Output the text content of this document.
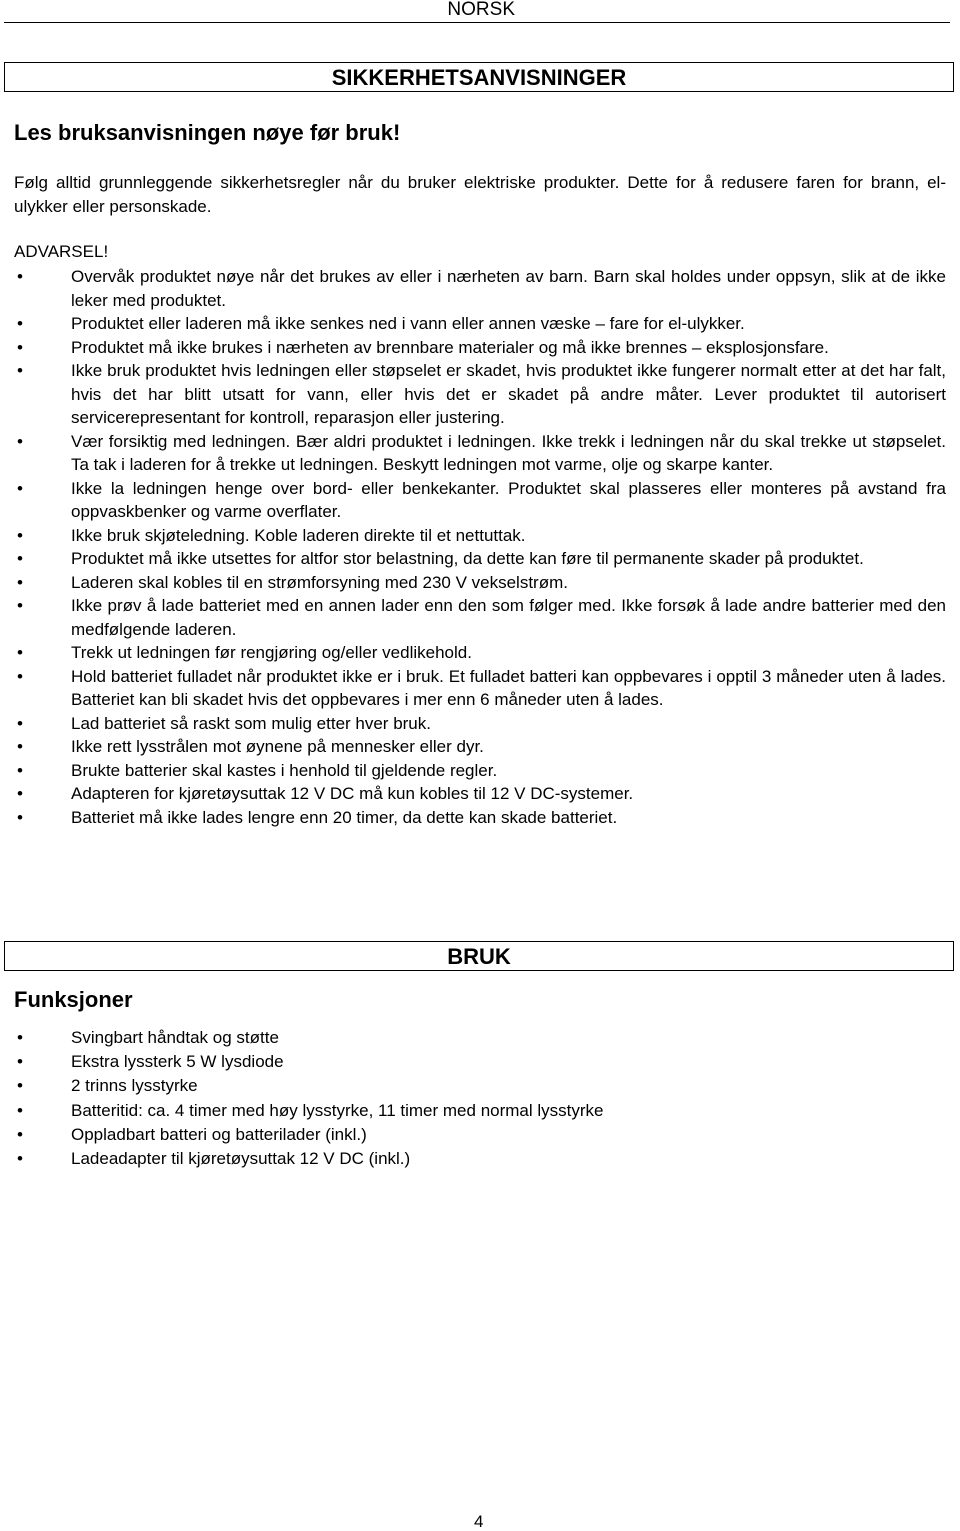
NORSK
SIKKERHETSANVISNINGER
Les bruksanvisningen nøye før bruk!
Følg alltid grunnleggende sikkerhetsregler når du bruker elektriske produkter. Dette for å redusere faren for brann, el-ulykker eller personskade.
ADVARSEL!
•	Overvåk produktet nøye når det brukes av eller i nærheten av barn. Barn skal holdes under oppsyn, slik at de ikke leker med produktet.
•	Produktet eller laderen må ikke senkes ned i vann eller annen væske – fare for el-ulykker.
•	Produktet må ikke brukes i nærheten av brennbare materialer og må ikke brennes – eksplosjonsfare.
•	Ikke bruk produktet hvis ledningen eller støpselet er skadet, hvis produktet ikke fungerer normalt etter at det har falt, hvis det har blitt utsatt for vann, eller hvis det er skadet på andre måter. Lever produktet til autorisert servicerepresentant for kontroll, reparasjon eller justering.
•	Vær forsiktig med ledningen. Bær aldri produktet i ledningen. Ikke trekk i ledningen når du skal trekke ut støpselet. Ta tak i laderen for å trekke ut ledningen. Beskytt ledningen mot varme, olje og skarpe kanter.
•	Ikke la ledningen henge over bord- eller benkekanter. Produktet skal plasseres eller monteres på avstand fra oppvaskbenker og varme overflater.
•	Ikke bruk skjøteledning. Koble laderen direkte til et nettuttak.
•	Produktet må ikke utsettes for altfor stor belastning, da dette kan føre til permanente skader på produktet.
•	Laderen skal kobles til en strømforsyning med 230 V vekselstrøm.
•	Ikke prøv å lade batteriet med en annen lader enn den som følger med. Ikke forsøk å lade andre batterier med den medfølgende laderen.
•	Trekk ut ledningen før rengjøring og/eller vedlikehold.
•	Hold batteriet fulladet når produktet ikke er i bruk. Et fulladet batteri kan oppbevares i opptil 3 måneder uten å lades. Batteriet kan bli skadet hvis det oppbevares i mer enn 6 måneder uten å lades.
•	Lad batteriet så raskt som mulig etter hver bruk.
•	Ikke rett lysstrålen mot øynene på mennesker eller dyr.
•	Brukte batterier skal kastes i henhold til gjeldende regler.
•	Adapteren for kjøretøysuttak 12 V DC må kun kobles til 12 V DC-systemer.
•	Batteriet må ikke lades lengre enn 20 timer, da dette kan skade batteriet.
BRUK
Funksjoner
•	Svingbart håndtak og støtte
•	Ekstra lyssterk 5 W lysdiode
•	2 trinns lysstyrke
•	Batteritid: ca. 4 timer med høy lysstyrke, 11 timer med normal lysstyrke
•	Oppladbart batteri og batterilader (inkl.)
•	Ladeadapter til kjøretøysuttak 12 V DC (inkl.)
4
